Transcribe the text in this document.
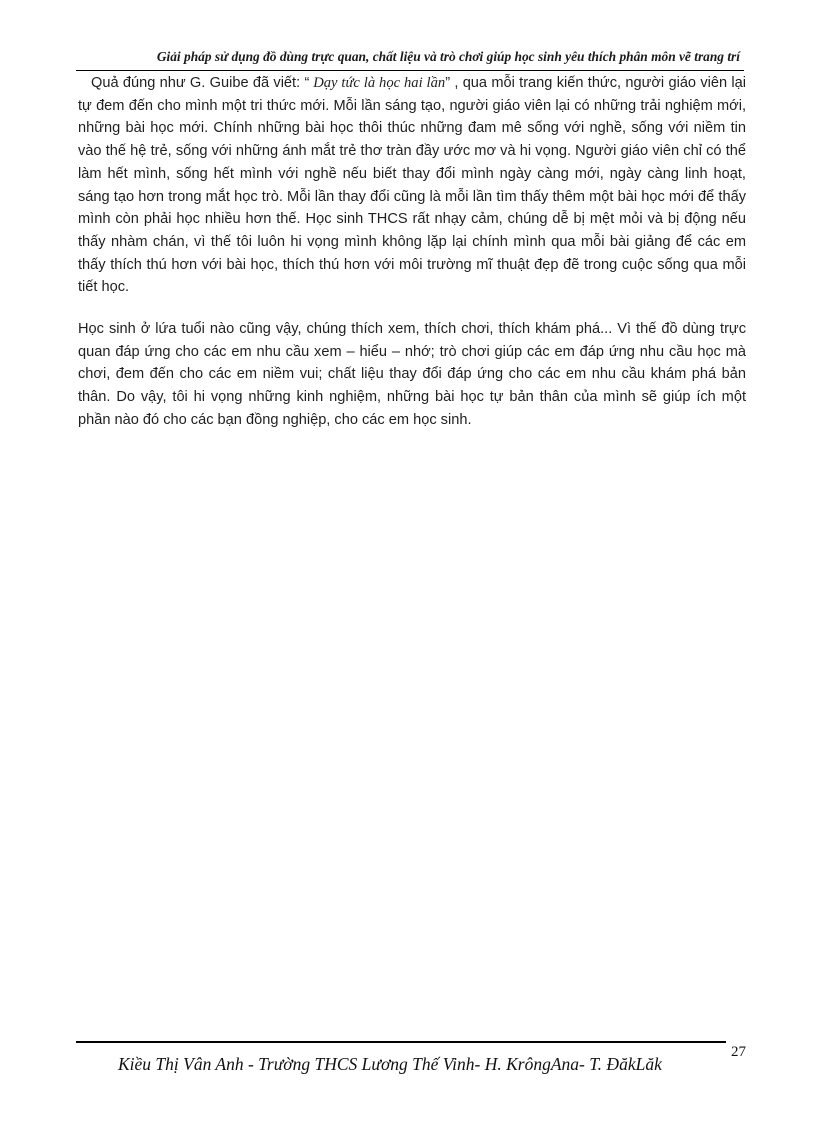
Giải pháp sử dụng đồ dùng trực quan, chất liệu và trò chơi giúp học sinh yêu thích phân môn vẽ trang trí
Quả đúng như G. Guibe đã viết: “ Dạy tức là học hai lần” , qua mỗi trang kiến thức, người giáo viên lại tự đem đến cho mình một tri thức mới. Mỗi lần sáng tạo, người giáo viên lại có những trải nghiệm mới, những bài học mới. Chính những bài học thôi thúc những đam mê sống với nghề, sống với niềm tin vào thế hệ trẻ, sống với những ánh mắt trẻ thơ tràn đầy ước mơ và hi vọng. Người giáo viên chỉ có thể làm hết mình, sống hết mình với nghề nếu biết thay đổi mình ngày càng mới, ngày càng linh hoạt, sáng tạo hơn trong mắt học trò. Mỗi lần thay đổi cũng là mỗi lần tìm thấy thêm một bài học mới để thấy mình còn phải học nhiều hơn thế. Học sinh THCS rất nhạy cảm, chúng dễ bị mệt mỏi và bị động nếu thấy nhàm chán, vì thế tôi luôn hi vọng mình không lặp lại chính mình qua mỗi bài giảng để các em thấy thích thú hơn với bài học, thích thú hơn với môi trường mĩ thuật đẹp đẽ trong cuộc sống qua mỗi tiết học.
Học sinh ở lứa tuổi nào cũng vậy, chúng thích xem, thích chơi, thích khám phá... Vì thế đồ dùng trực quan đáp ứng cho các em nhu cầu xem – hiểu – nhớ; trò chơi giúp các em đáp ứng nhu cầu học mà chơi, đem đến cho các em niềm vui; chất liệu thay đổi đáp ứng cho các em nhu cầu khám phá bản thân. Do vậy, tôi hi vọng những kinh nghiệm, những bài học tự bản thân của mình sẽ giúp ích một phần nào đó cho các bạn đồng nghiệp, cho các em học sinh.
27
Kiều Thị Vân Anh - Trường THCS Lương Thế Vinh- H. KrôngAna- T. ĐăkLăk
